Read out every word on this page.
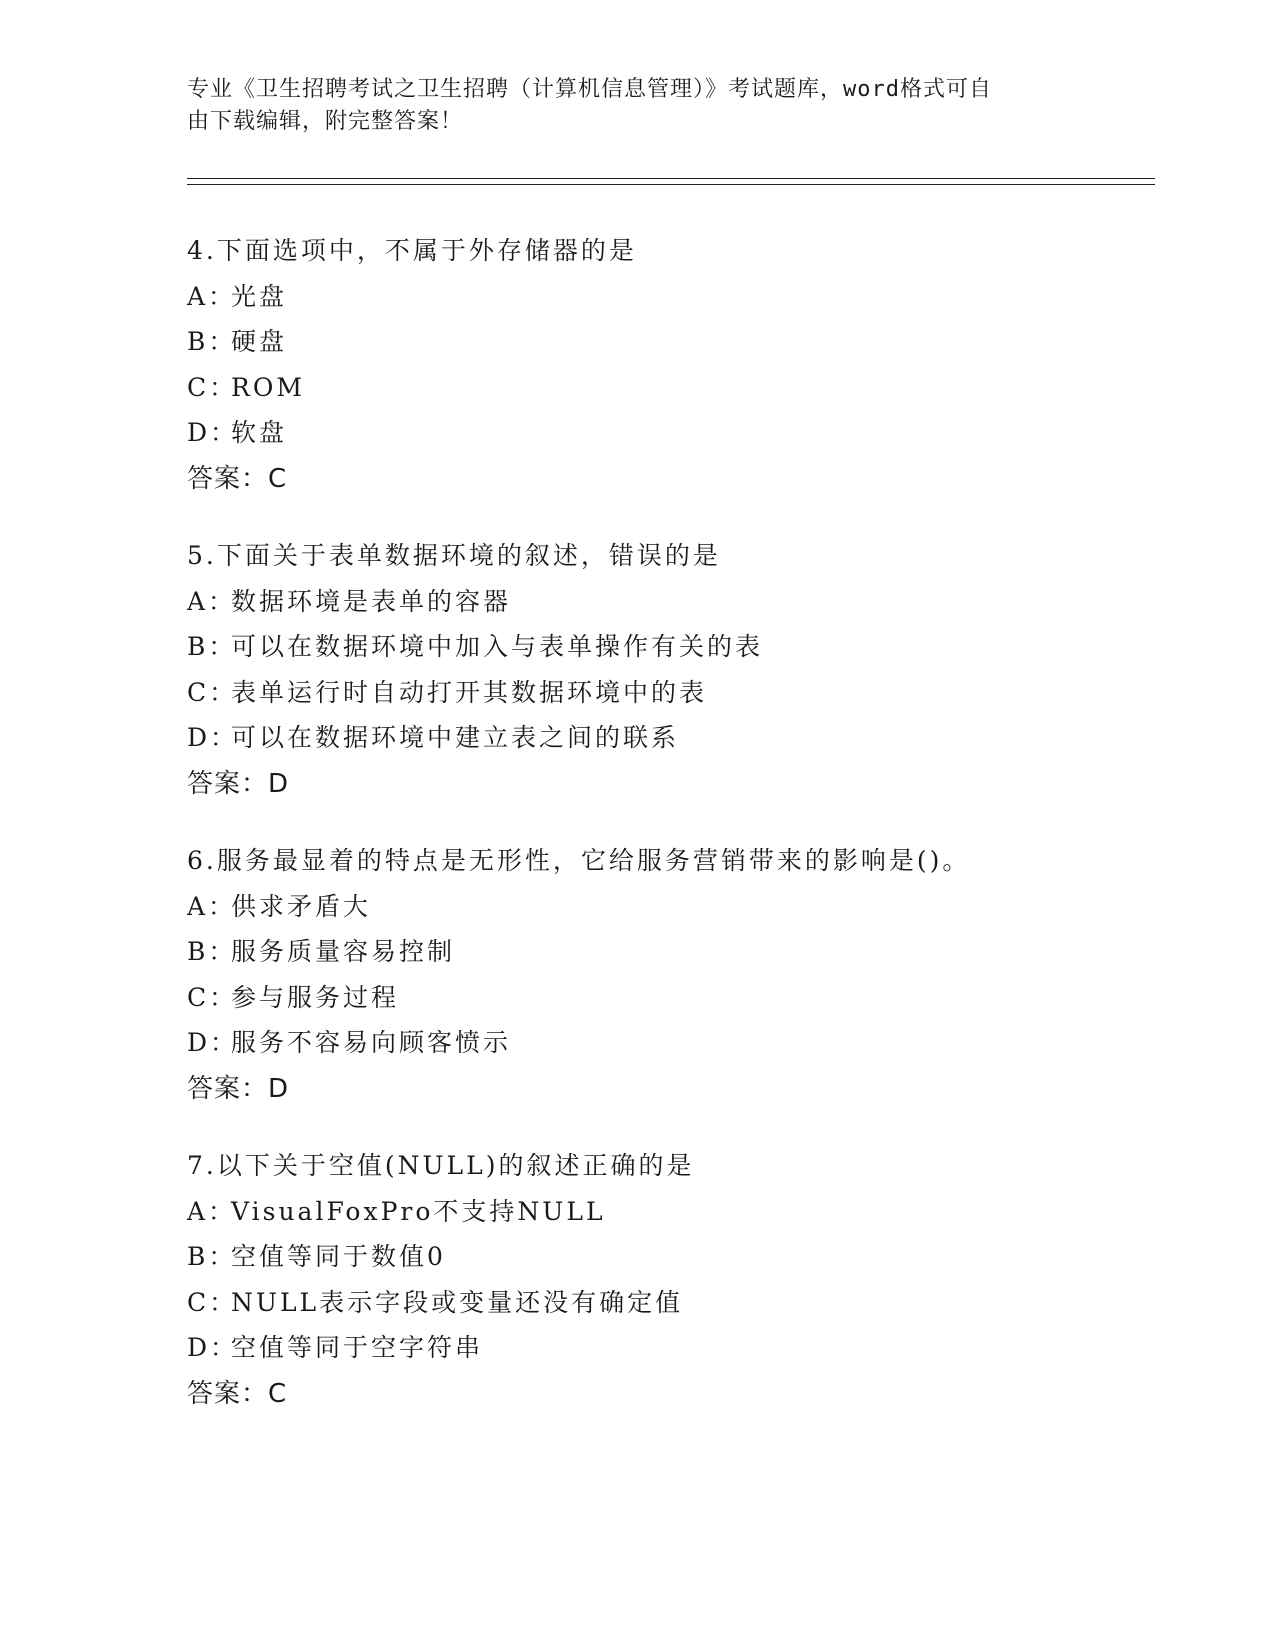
专业《卫生招聘考试之卫生招聘（计算机信息管理）》考试题库，word格式可自
由下载编辑，附完整答案！
4.下面选项中，不属于外存储器的是
A：光盘
B：硬盘
C：ROM
D：软盘
答案：C
5.下面关于表单数据环境的叙述，错误的是
A：数据环境是表单的容器
B：可以在数据环境中加入与表单操作有关的表
C：表单运行时自动打开其数据环境中的表
D：可以在数据环境中建立表之间的联系
答案：D
6.服务最显着的特点是无形性，它给服务营销带来的影响是()。
A：供求矛盾大
B：服务质量容易控制
C：参与服务过程
D：服务不容易向顾客愤示
答案：D
7.以下关于空值(NULL)的叙述正确的是
A：VisualFoxPro不支持NULL
B：空值等同于数值0
C：NULL表示字段或变量还没有确定值
D：空值等同于空字符串
答案：C
